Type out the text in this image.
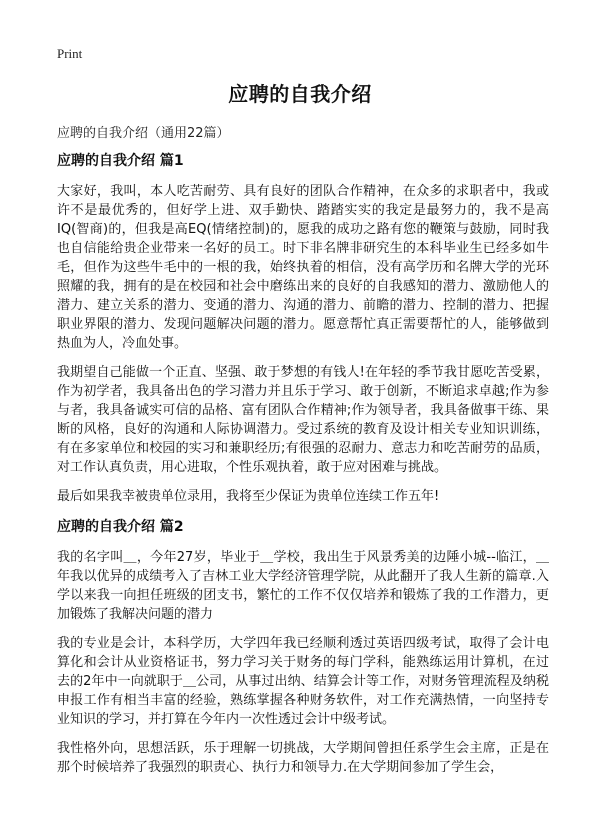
Print
应聘的自我介绍
应聘的自我介绍（通用22篇）
应聘的自我介绍 篇1

大家好，我叫，本人吃苦耐劳、具有良好的团队合作精神，在众多的求职者中，我或许不是最优秀的，但好学上进、双手勤快、踏踏实实的我定是最努力的，我不是高IQ(智商)的，但我是高EQ(情绪控制)的，愿我的成功之路有您的鞭策与鼓励，同时我也自信能给贵企业带来一名好的员工。时下非名牌非研究生的本科毕业生已经多如牛毛，但作为这些牛毛中的一根的我，始终执着的相信，没有高学历和名牌大学的光环照耀的我，拥有的是在校园和社会中磨练出来的良好的自我感知的潜力、激励他人的潜力、建立关系的潜力、变通的潜力、沟通的潜力、前瞻的潜力、控制的潜力、把握职业界限的潜力、发现问题解决问题的潜力。愿意帮忙真正需要帮忙的人，能够做到热血为人，冷血处事。

我期望自己能做一个正直、坚强、敢于梦想的有钱人!在年轻的季节我甘愿吃苦受累，作为初学者，我具备出色的学习潜力并且乐于学习、敢于创新，不断追求卓越;作为参与者，我具备诚实可信的品格、富有团队合作精神;作为领导者，我具备做事干练、果断的风格，良好的沟通和人际协调潜力。受过系统的教育及设计相关专业知识训练，有在多家单位和校园的实习和兼职经历;有很强的忍耐力、意志力和吃苦耐劳的品质，对工作认真负责，用心进取，个性乐观执着，敢于应对困难与挑战。

最后如果我幸被贵单位录用，我将至少保证为贵单位连续工作五年!

应聘的自我介绍 篇2

我的名字叫＿，今年27岁，毕业于＿学校，我出生于风景秀美的边陲小城--临江，＿年我以优异的成绩考入了吉林工业大学经济管理学院，从此翻开了我人生新的篇章.入学以来我一向担任班级的团支书，繁忙的工作不仅仅培养和锻炼了我的工作潜力，更加锻炼了我解决问题的潜力

我的专业是会计，本科学历，大学四年我已经顺利透过英语四级考试，取得了会计电算化和会计从业资格证书，努力学习关于财务的每门学科，能熟练运用计算机，在过去的2年中一向就职于＿公司，从事过出纳、结算会计等工作，对财务管理流程及纳税申报工作有相当丰富的经验，熟练掌握各种财务软件，对工作充满热情，一向坚持专业知识的学习，并打算在今年内一次性透过会计中级考试。

我性格外向，思想活跃，乐于理解一切挑战，大学期间曾担任系学生会主席，正是在那个时候培养了我强烈的职责心、执行力和领导力.在大学期间参加了学生会，
